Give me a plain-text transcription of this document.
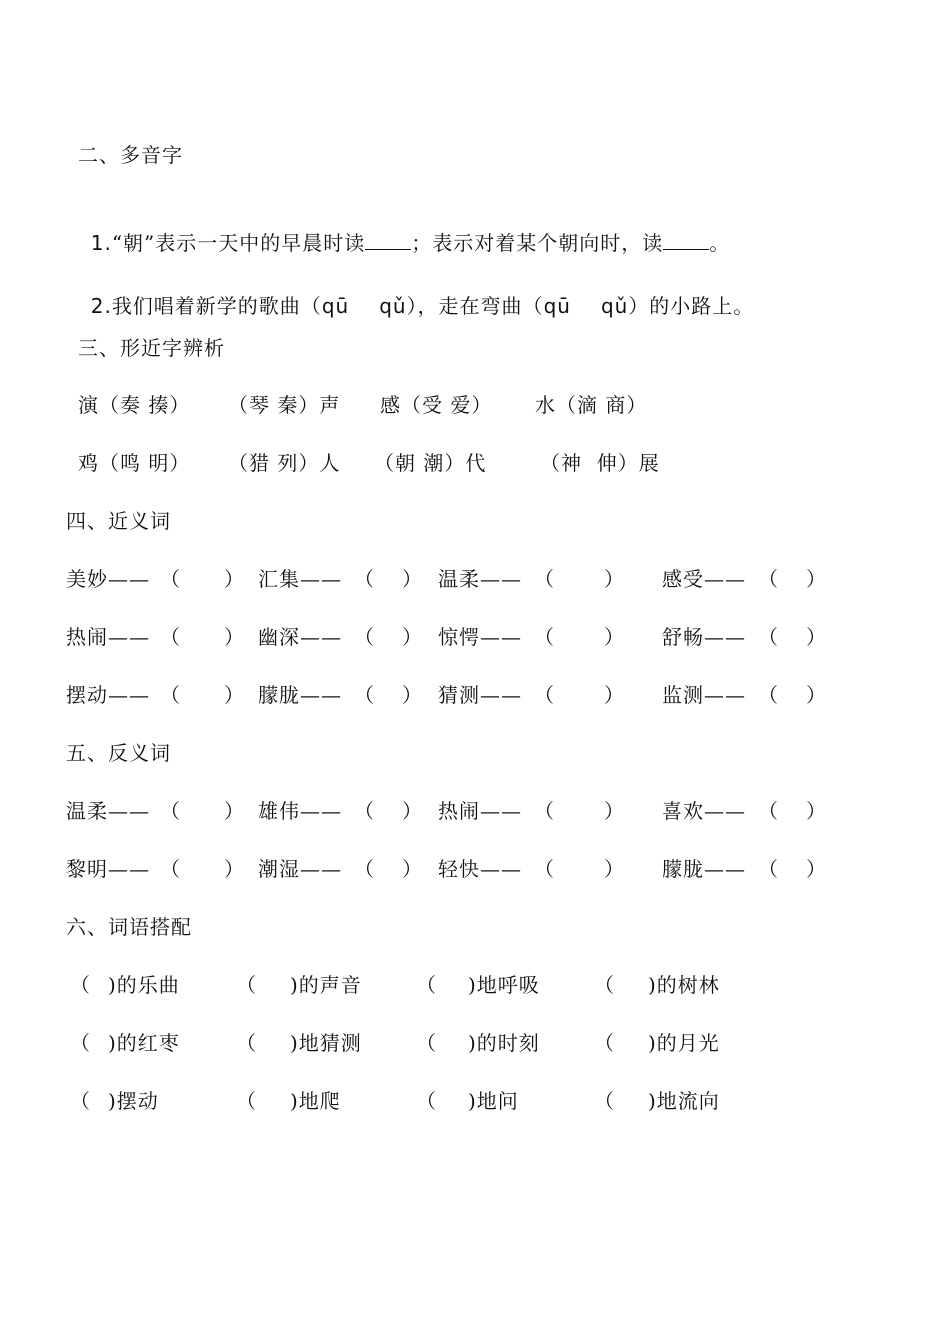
二、多音字

1.“朝”表示一天中的早晨时读 ；表示对着某个朝向时，读 。

2.我们唱着新学的歌曲（qū qǔ），走在弯曲（qū qǔ）的小路上。

三、形近字辨析
演（奏 揍） （琴 秦）声 感（受 爱） 水（滴 商）
鸡（鸣 明） （猎 列）人 （朝 潮）代	（神  伸）展
四、近义词
美妙—— （ ） 汇集—— （ ） 温柔—— （ ） 感受—— （ ）
热闹—— （ ） 幽深—— （ ） 惊愕—— （ ） 舒畅—— （ ）
摆动—— （ ） 朦胧—— （ ） 猜测—— （ ） 监测—— （ ）
五、反义词
温柔—— （ ） 雄伟—— （ ） 热闹—— （ ） 喜欢—— （ ）
黎明—— （ ） 潮湿—— （ ） 轻快—— （ ） 朦胧—— （ ）
六、词语搭配
（ )的乐曲	（ )的声音	（ )地呼吸	（ )的树林
（ )的红枣	（ )地猜测	（ )的时刻	（ )的月光
（ )摆动	（ )地爬	（ )地问	（ )地流向
